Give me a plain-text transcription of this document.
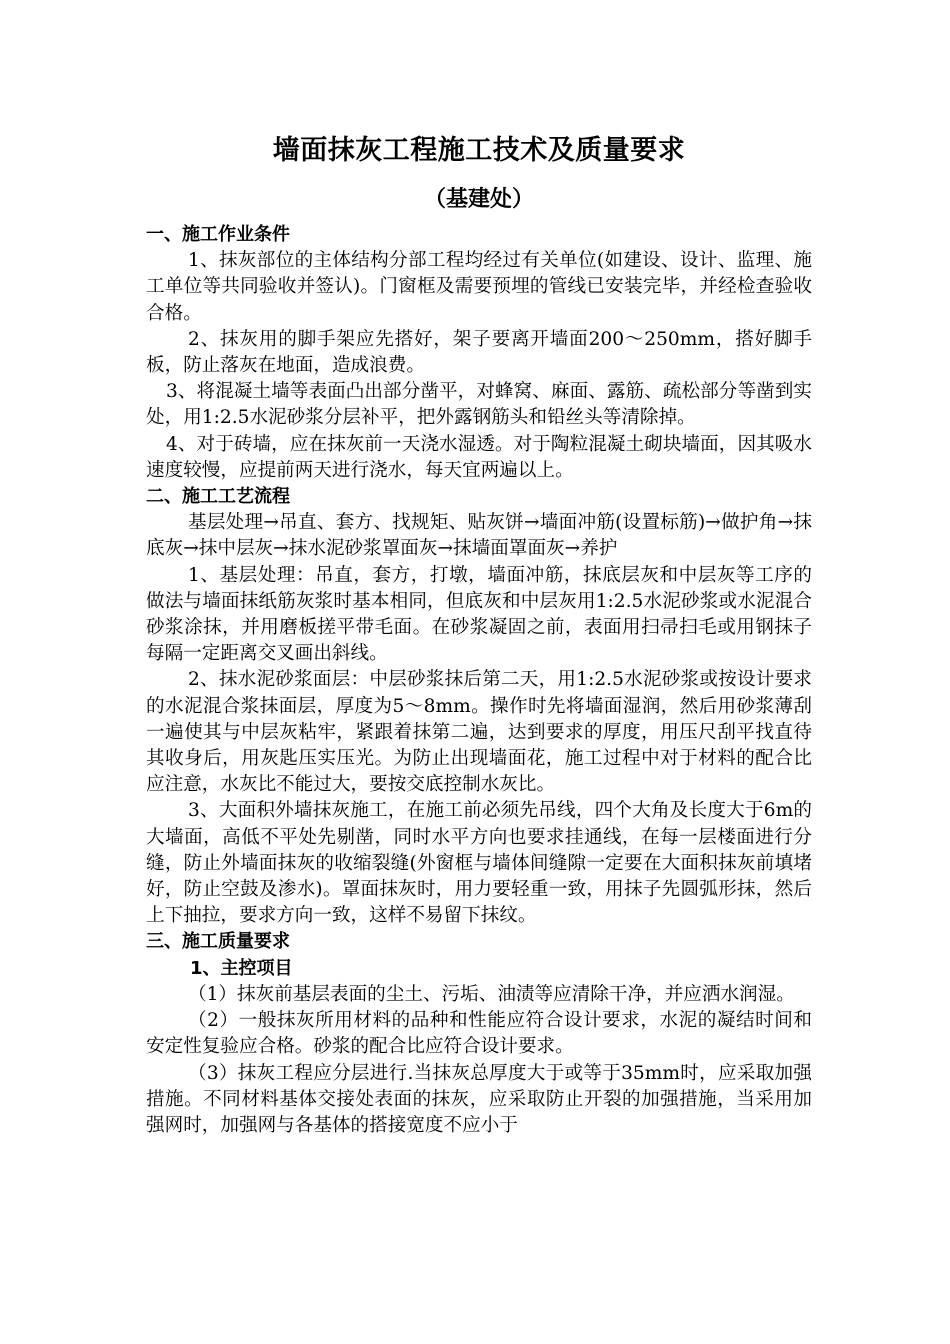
墙面抹灰工程施工技术及质量要求
（基建处）
一、施工作业条件

1、抹灰部位的主体结构分部工程均经过有关单位(如建设、设计、监理、施工单位等共同验收并签认)。门窗框及需要预埋的管线已安装完毕，并经检查验收合格。

2、抹灰用的脚手架应先搭好，架子要离开墙面200～250mm，搭好脚手板，防止落灰在地面，造成浪费。

3、将混凝土墙等表面凸出部分凿平，对蜂窝、麻面、露筋、疏松部分等凿到实处，用1:2.5水泥砂浆分层补平，把外露钢筋头和铅丝头等清除掉。

4、对于砖墙，应在抹灰前一天浇水湿透。对于陶粒混凝土砌块墙面，因其吸水速度较慢，应提前两天进行浇水，每天宜两遍以上。

二、施工工艺流程

基层处理→吊直、套方、找规矩、贴灰饼→墙面冲筋(设置标筋)→做护角→抹底灰→抹中层灰→抹水泥砂浆罩面灰→抹墙面罩面灰→养护

1、基层处理：吊直，套方，打墩，墙面冲筋，抹底层灰和中层灰等工序的做法与墙面抹纸筋灰浆时基本相同，但底灰和中层灰用1:2.5水泥砂浆或水泥混合砂浆涂抹，并用磨板搓平带毛面。在砂浆凝固之前，表面用扫帚扫毛或用钢抹子每隔一定距离交叉画出斜线。

2、抹水泥砂浆面层：中层砂浆抹后第二天，用1:2.5水泥砂浆或按设计要求的水泥混合浆抹面层，厚度为5～8mm。操作时先将墙面湿润，然后用砂浆薄刮一遍使其与中层灰粘牢，紧跟着抹第二遍，达到要求的厚度，用压尺刮平找直待其收身后，用灰匙压实压光。为防止出现墙面花，施工过程中对于材料的配合比应注意，水灰比不能过大，要按交底控制水灰比。

3、大面积外墙抹灰施工，在施工前必须先吊线，四个大角及长度大于6m的大墙面，高低不平处先剔凿，同时水平方向也要求挂通线，在每一层楼面进行分缝，防止外墙面抹灰的收缩裂缝(外窗框与墙体间缝隙一定要在大面积抹灰前填堵好，防止空鼓及渗水)。罩面抹灰时，用力要轻重一致，用抹子先圆弧形抹，然后上下抽拉，要求方向一致，这样不易留下抹纹。

三、施工质量要求
1、主控项目

（1）抹灰前基层表面的尘土、污垢、油渍等应清除干净，并应洒水润湿。

（2）一般抹灰所用材料的品种和性能应符合设计要求，水泥的凝结时间和安定性复验应合格。砂浆的配合比应符合设计要求。

（3）抹灰工程应分层进行.当抹灰总厚度大于或等于35mm时，应采取加强措施。不同材料基体交接处表面的抹灰，应采取防止开裂的加强措施，当采用加强网时，加强网与各基体的搭接宽度不应小于
